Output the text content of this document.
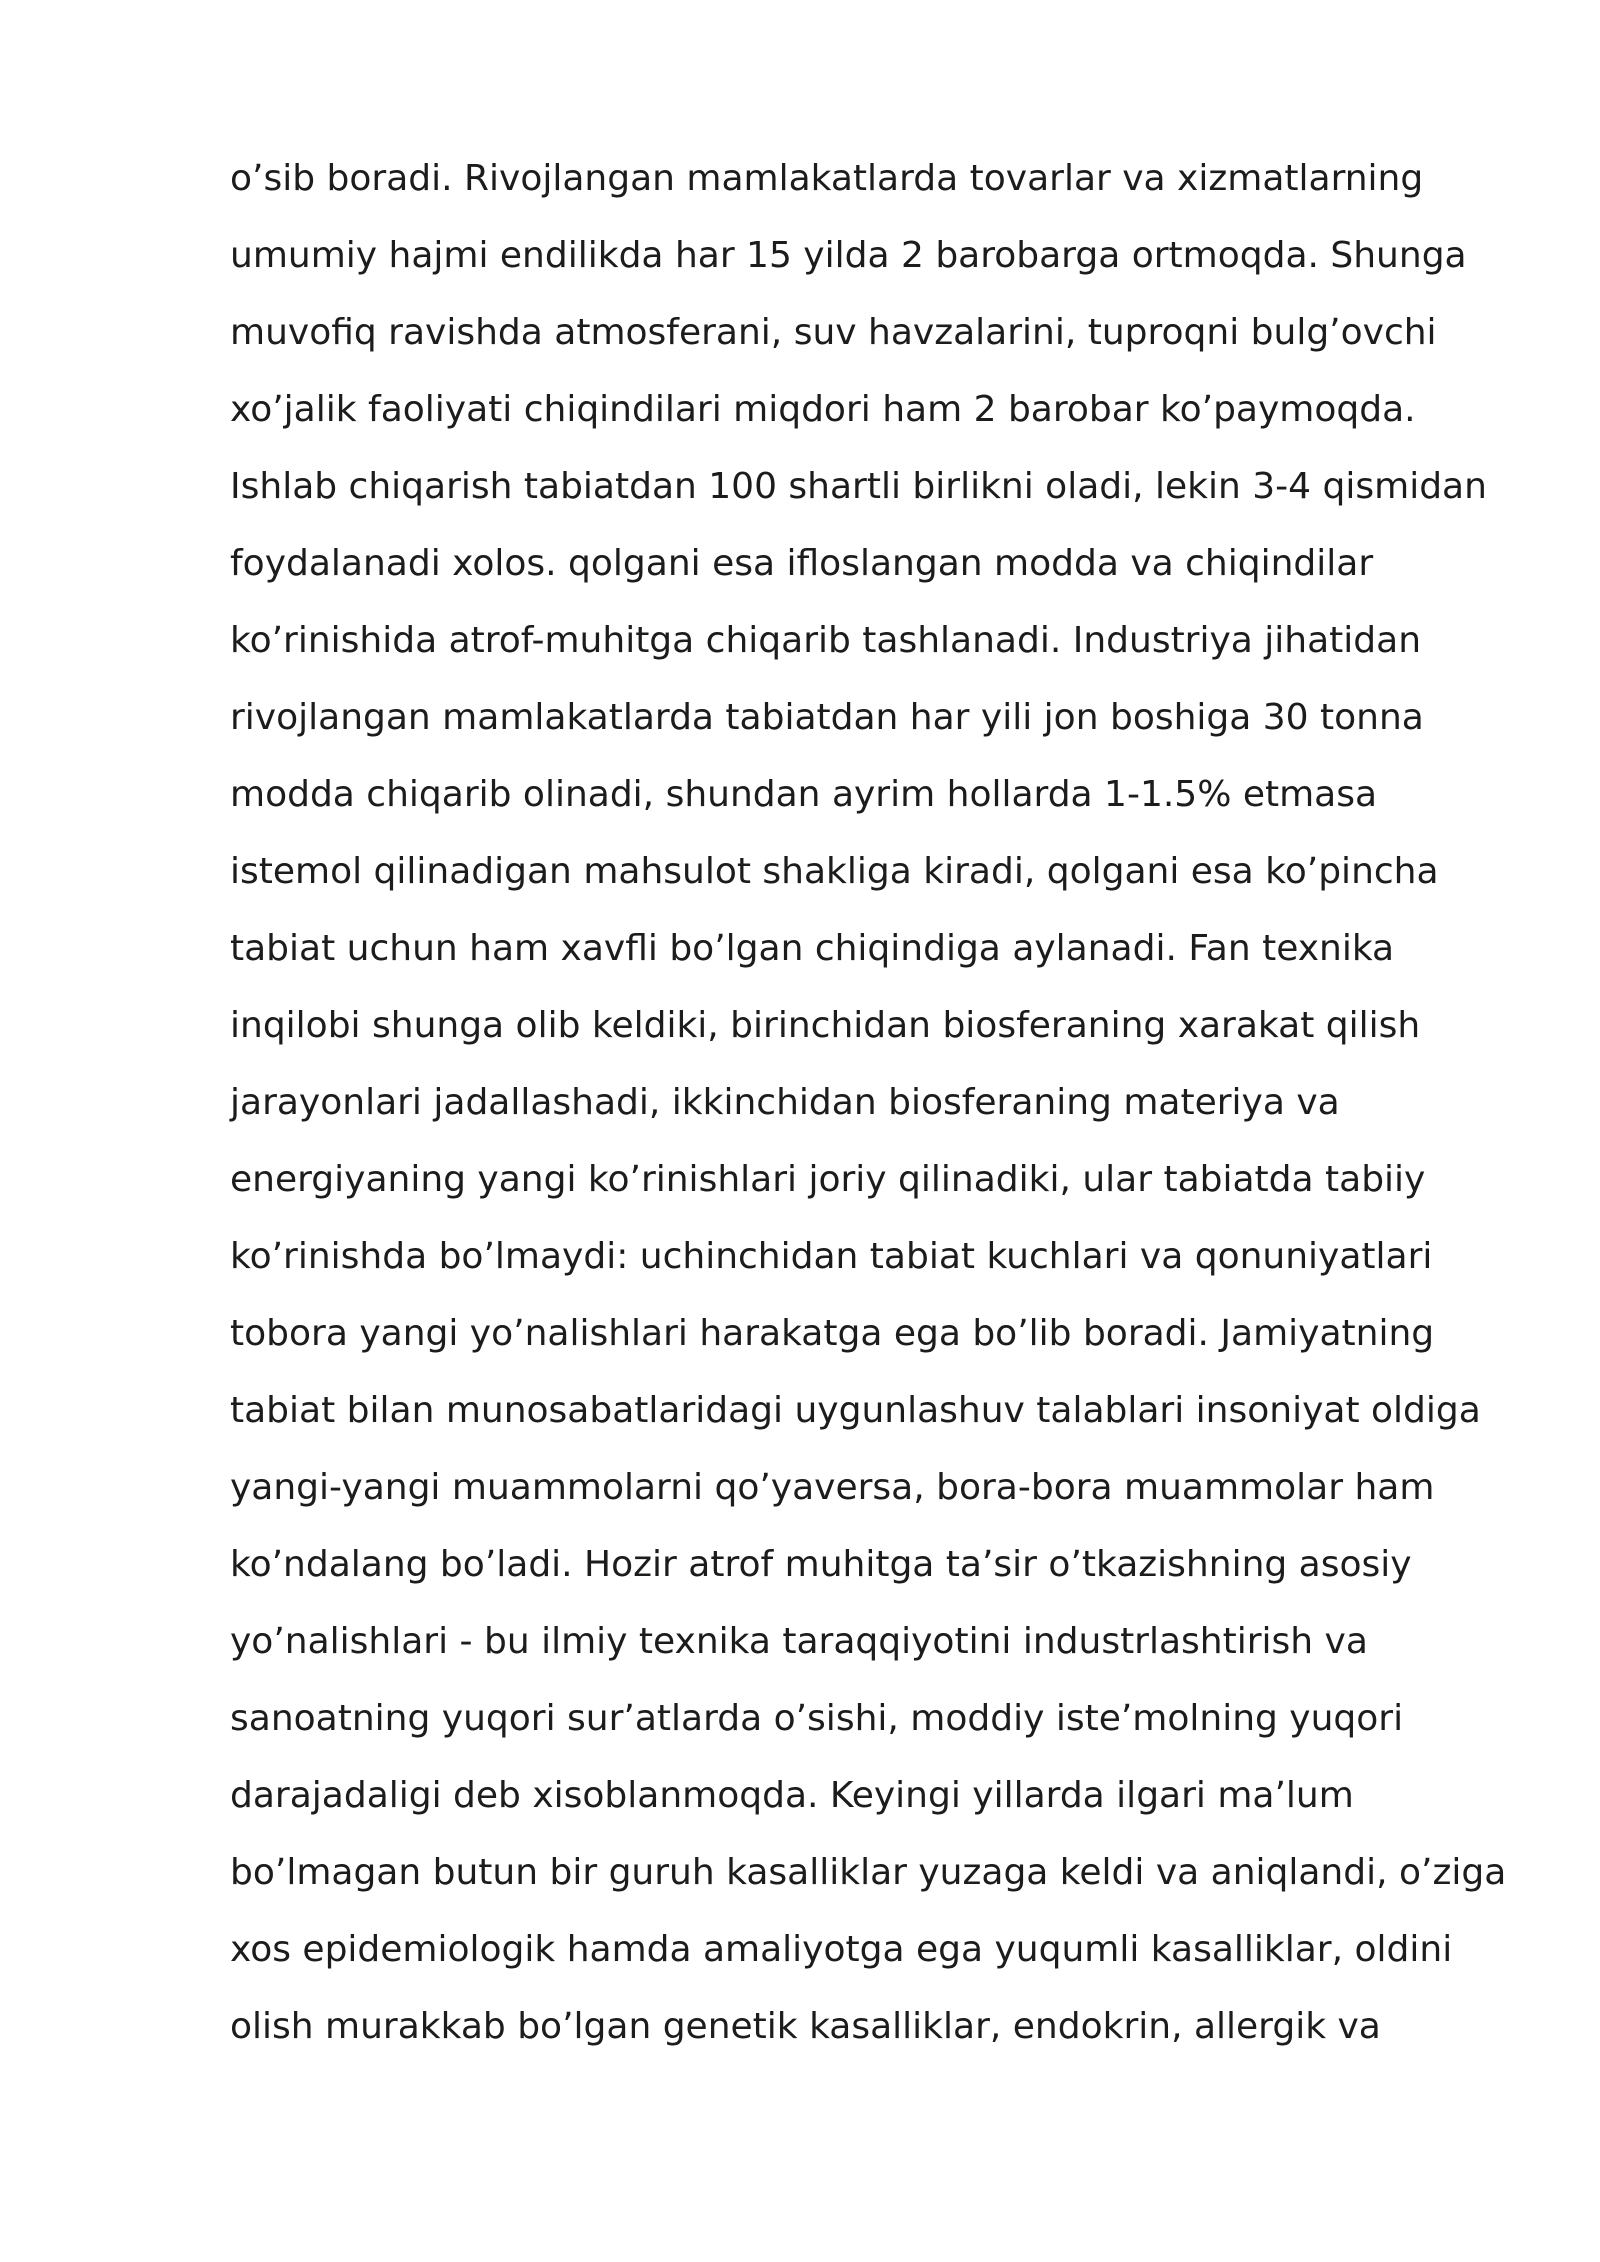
o’sib boradi. Rivojlangan mamlakatlarda tovarlar va xizmatlarning
umumiy hajmi endilikda har 15 yilda 2 barobarga ortmoqda. Shunga
muvofiq ravishda atmosferani, suv havzalarini, tuproqni bulg’ovchi
xo’jalik faoliyati chiqindilari miqdori ham 2 barobar ko’paymoqda.
Ishlab chiqarish tabiatdan 100 shartli birlikni oladi, lekin 3-4 qismidan
foydalanadi xolos. qolgani esa ifloslangan modda va chiqindilar
ko’rinishida atrof-muhitga chiqarib tashlanadi. Industriya jihatidan
rivojlangan mamlakatlarda tabiatdan har yili jon boshiga 30 tonna
modda chiqarib olinadi, shundan ayrim hollarda 1-1.5% etmasa
istemol qilinadigan mahsulot shakliga kiradi, qolgani esa ko’pincha
tabiat uchun ham xavfli bo’lgan chiqindiga aylanadi. Fan texnika
inqilobi shunga olib keldiki, birinchidan biosferaning xarakat qilish
jarayonlari jadallashadi, ikkinchidan biosferaning materiya va
energiyaning yangi ko’rinishlari joriy qilinadiki, ular tabiatda tabiiy
ko’rinishda bo’lmaydi: uchinchidan tabiat kuchlari va qonuniyatlari
tobora yangi yo’nalishlari harakatga ega bo’lib boradi. Jamiyatning
tabiat bilan munosabatlaridagi uygunlashuv talablari insoniyat oldiga
yangi-yangi muammolarni qo’yaversa, bora-bora muammolar ham
ko’ndalang bo’ladi. Hozir atrof muhitga ta’sir o’tkazishning asosiy
yo’nalishlari - bu ilmiy texnika taraqqiyotini industrlashtirish va
sanoatning yuqori sur’atlarda o’sishi, moddiy iste’molning yuqori
darajadaligi deb xisoblanmoqda. Keyingi yillarda ilgari ma’lum
bo’lmagan butun bir guruh kasalliklar yuzaga keldi va aniqlandi, o’ziga
xos epidemiologik hamda amaliyotga ega yuqumli kasalliklar, oldini
olish murakkab bo’lgan genetik kasalliklar, endokrin, allergik va
